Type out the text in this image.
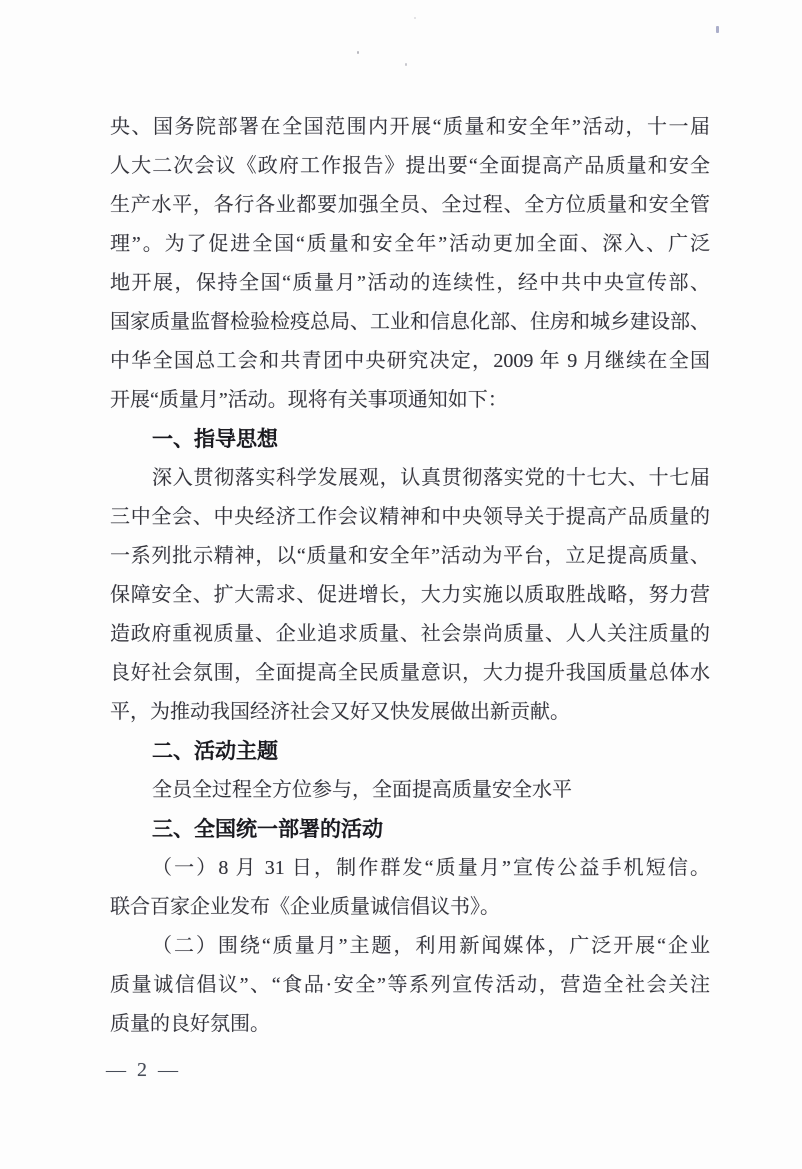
央、国务院部署在全国范围内开展“质量和安全年”活动，十一届
人大二次会议《政府工作报告》提出要“全面提高产品质量和安全
生产水平，各行各业都要加强全员、全过程、全方位质量和安全管
理”。为了促进全国“质量和安全年”活动更加全面、深入、广泛
地开展，保持全国“质量月”活动的连续性，经中共中央宣传部、
国家质量监督检验检疫总局、工业和信息化部、住房和城乡建设部、
中华全国总工会和共青团中央研究决定，2009 年 9 月继续在全国
开展“质量月”活动。现将有关事项通知如下：
一、指导思想
深入贯彻落实科学发展观，认真贯彻落实党的十七大、十七届
三中全会、中央经济工作会议精神和中央领导关于提高产品质量的
一系列批示精神，以“质量和安全年”活动为平台，立足提高质量、
保障安全、扩大需求、促进增长，大力实施以质取胜战略，努力营
造政府重视质量、企业追求质量、社会崇尚质量、人人关注质量的
良好社会氛围，全面提高全民质量意识，大力提升我国质量总体水
平，为推动我国经济社会又好又快发展做出新贡献。
二、活动主题
全员全过程全方位参与，全面提高质量安全水平
三、全国统一部署的活动
（一）8 月 31 日，制作群发“质量月”宣传公益手机短信。
联合百家企业发布《企业质量诚信倡议书》。
（二）围绕“质量月”主题，利用新闻媒体，广泛开展“企业
质量诚信倡议”、“食品·安全”等系列宣传活动，营造全社会关注
质量的良好氛围。
— 2 —
